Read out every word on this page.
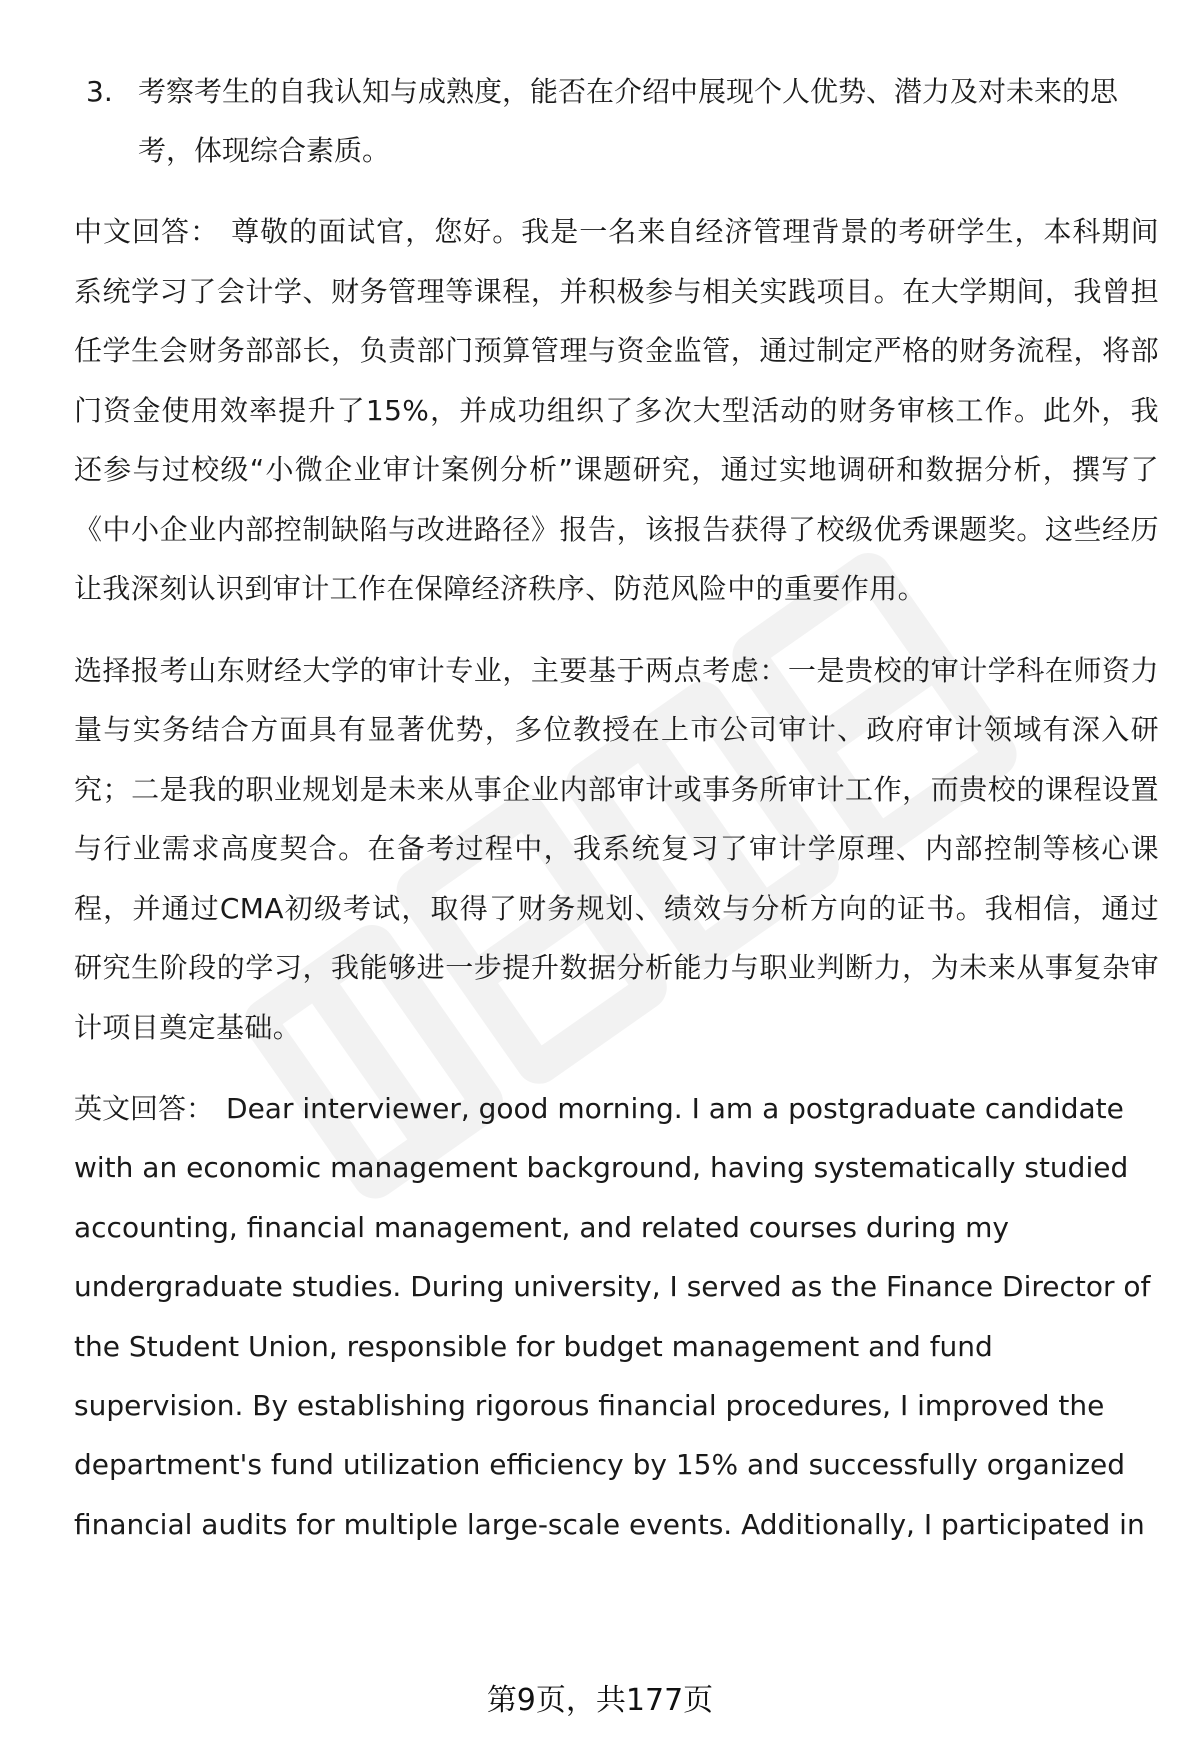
3. 考察考生的自我认知与成熟度，能否在介绍中展现个人优势、潜力及对未来的思考，体现综合素质。

中文回答： 尊敬的面试官，您好。我是一名来自经济管理背景的考研学生，本科期间系统学习了会计学、财务管理等课程，并积极参与相关实践项目。在大学期间，我曾担任学生会财务部部长，负责部门预算管理与资金监管，通过制定严格的财务流程，将部门资金使用效率提升了15%，并成功组织了多次大型活动的财务审核工作。此外，我还参与过校级“小微企业审计案例分析”课题研究，通过实地调研和数据分析，撰写了《中小企业内部控制缺陷与改进路径》报告，该报告获得了校级优秀课题奖。这些经历让我深刻认识到审计工作在保障经济秩序、防范风险中的重要作用。

选择报考山东财经大学的审计专业，主要基于两点考虑：一是贵校的审计学科在师资力量与实务结合方面具有显著优势，多位教授在上市公司审计、政府审计领域有深入研究；二是我的职业规划是未来从事企业内部审计或事务所审计工作，而贵校的课程设置与行业需求高度契合。在备考过程中，我系统复习了审计学原理、内部控制等核心课程，并通过CMA初级考试，取得了财务规划、绩效与分析方向的证书。我相信，通过研究生阶段的学习，我能够进一步提升数据分析能力与职业判断力，为未来从事复杂审计项目奠定基础。

英文回答： Dear interviewer, good morning. I am a postgraduate candidate with an economic management background, having systematically studied accounting, financial management, and related courses during my undergraduate studies. During university, I served as the Finance Director of the Student Union, responsible for budget management and fund supervision. By establishing rigorous financial procedures, I improved the department's fund utilization efficiency by 15% and successfully organized financial audits for multiple large-scale events. Additionally, I participated in

第9页，共177页
